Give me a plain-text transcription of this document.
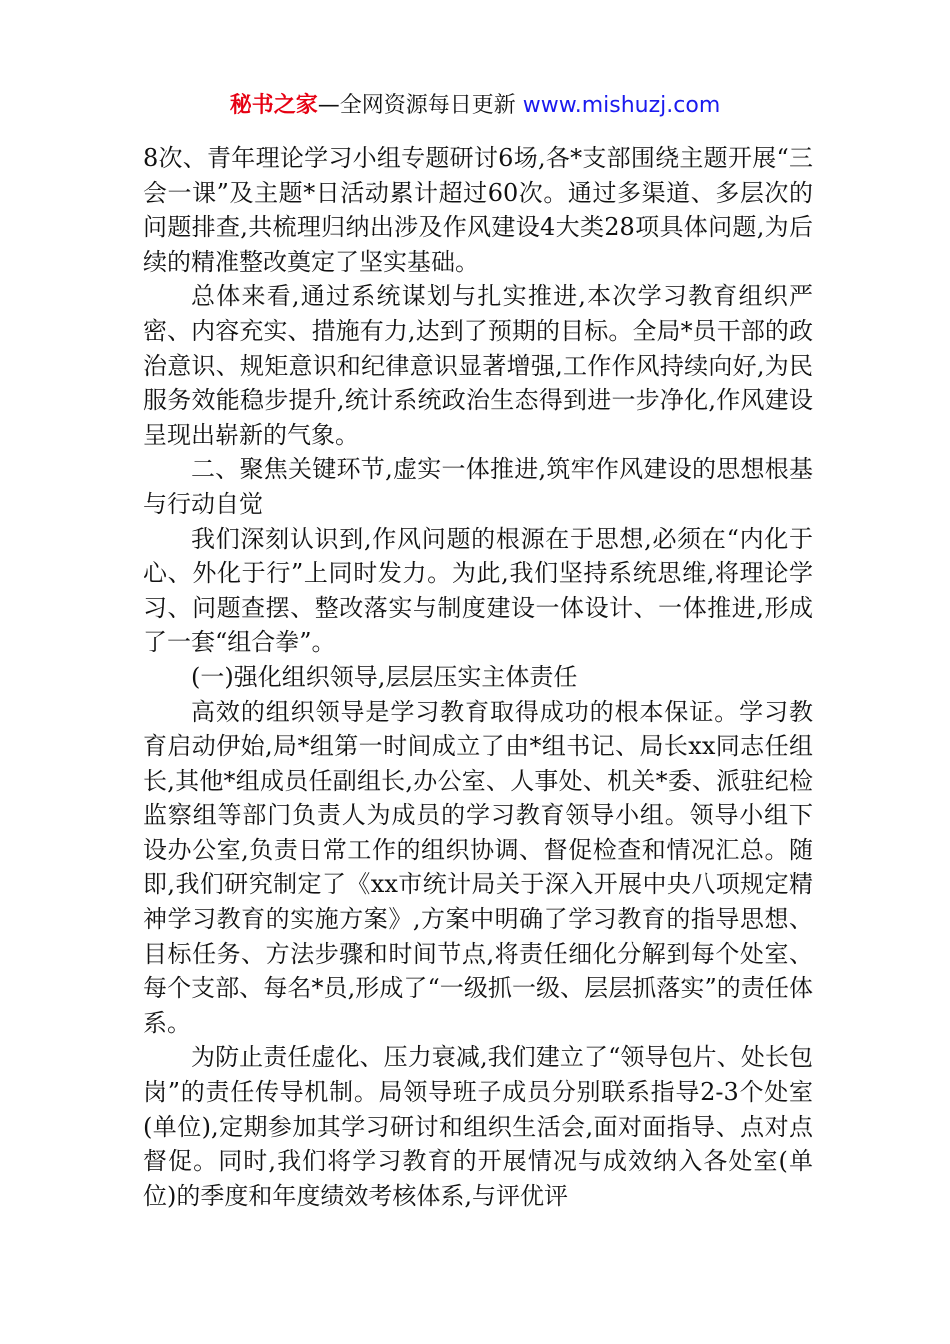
秘书之家—全网资源每日更新 www.mishuzj.com

8次、青年理论学习小组专题研讨6场,各*支部围绕主题开展“三会一课”及主题*日活动累计超过60次。通过多渠道、多层次的问题排查,共梳理归纳出涉及作风建设4大类28项具体问题,为后续的精准整改奠定了坚实基础。

总体来看,通过系统谋划与扎实推进,本次学习教育组织严密、内容充实、措施有力,达到了预期的目标。全局*员干部的政治意识、规矩意识和纪律意识显著增强,工作作风持续向好,为民服务效能稳步提升,统计系统政治生态得到进一步净化,作风建设呈现出崭新的气象。

二、聚焦关键环节,虚实一体推进,筑牢作风建设的思想根基与行动自觉

我们深刻认识到,作风问题的根源在于思想,必须在“内化于心、外化于行”上同时发力。为此,我们坚持系统思维,将理论学习、问题查摆、整改落实与制度建设一体设计、一体推进,形成了一套“组合拳”。

(一)强化组织领导,层层压实主体责任

高效的组织领导是学习教育取得成功的根本保证。学习教育启动伊始,局*组第一时间成立了由*组书记、局长xx同志任组长,其他*组成员任副组长,办公室、人事处、机关*委、派驻纪检监察组等部门负责人为成员的学习教育领导小组。领导小组下设办公室,负责日常工作的组织协调、督促检查和情况汇总。随即,我们研究制定了《xx市统计局关于深入开展中央八项规定精神学习教育的实施方案》,方案中明确了学习教育的指导思想、目标任务、方法步骤和时间节点,将责任细化分解到每个处室、每个支部、每名*员,形成了“一级抓一级、层层抓落实”的责任体系。

为防止责任虚化、压力衰减,我们建立了“领导包片、处长包岗”的责任传导机制。局领导班子成员分别联系指导2-3个处室(单位),定期参加其学习研讨和组织生活会,面对面指导、点对点督促。同时,我们将学习教育的开展情况与成效纳入各处室(单位)的季度和年度绩效考核体系,与评优评
